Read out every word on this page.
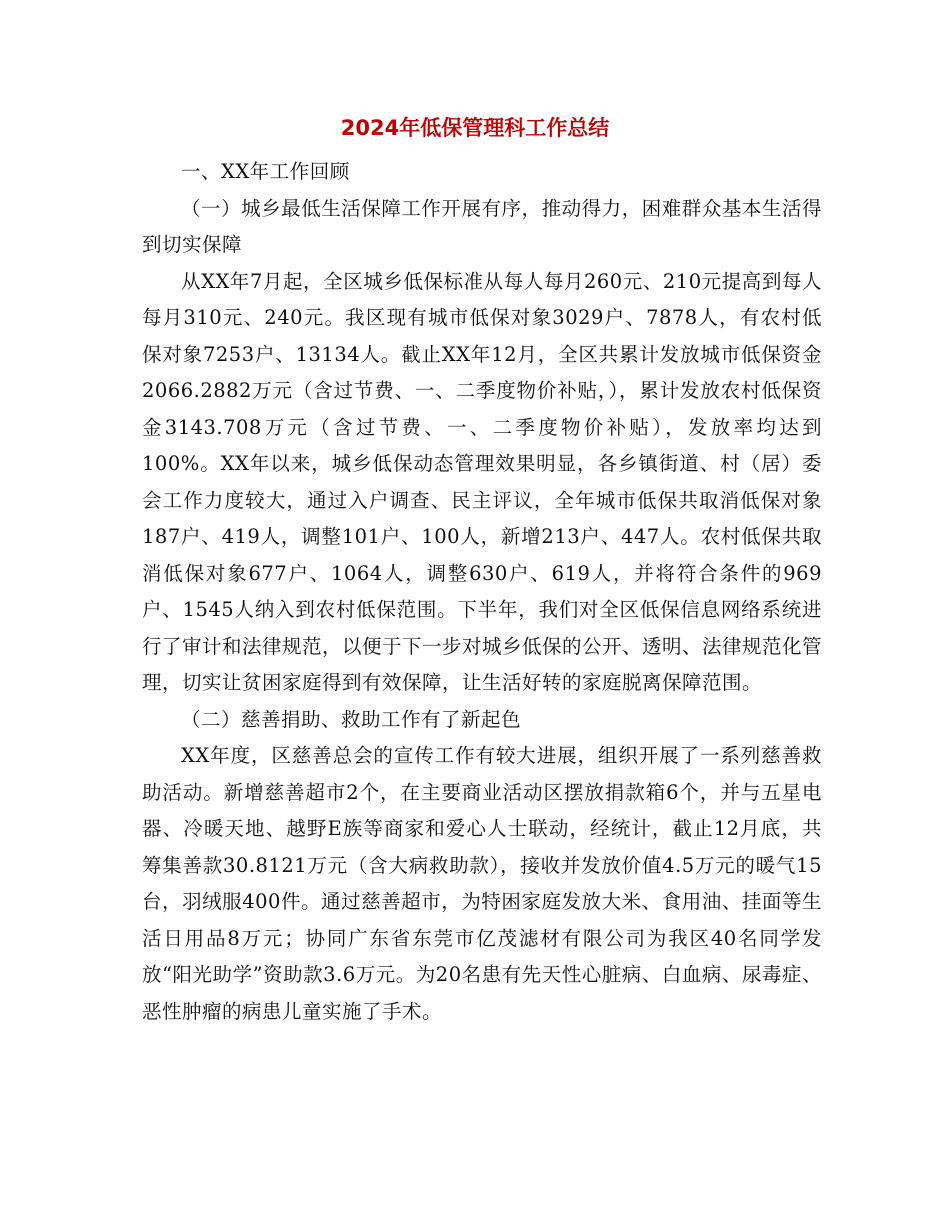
2024年低保管理科工作总结

一、XX年工作回顾

（一）城乡最低生活保障工作开展有序，推动得力，困难群众基本生活得到切实保障

从XX年7月起，全区城乡低保标准从每人每月260元、210元提高到每人每月310元、240元。我区现有城市低保对象3029户、7878人，有农村低保对象7253户、13134人。截止XX年12月，全区共累计发放城市低保资金2066.2882万元（含过节费、一、二季度物价补贴，），累计发放农村低保资金3143.708万元（含过节费、一、二季度物价补贴），发放率均达到100%。XX年以来，城乡低保动态管理效果明显，各乡镇街道、村（居）委会工作力度较大，通过入户调查、民主评议，全年城市低保共取消低保对象187户、419人，调整101户、100人，新增213户、447人。农村低保共取消低保对象677户、1064人，调整630户、619人，并将符合条件的969户、1545人纳入到农村低保范围。下半年，我们对全区低保信息网络系统进行了审计和法律规范，以便于下一步对城乡低保的公开、透明、法律规范化管理，切实让贫困家庭得到有效保障，让生活好转的家庭脱离保障范围。

（二）慈善捐助、救助工作有了新起色

XX年度，区慈善总会的宣传工作有较大进展，组织开展了一系列慈善救助活动。新增慈善超市2个，在主要商业活动区摆放捐款箱6个，并与五星电器、冷暖天地、越野E族等商家和爱心人士联动，经统计，截止12月底，共筹集善款30.8121万元（含大病救助款），接收并发放价值4.5万元的暖气15台，羽绒服400件。通过慈善超市，为特困家庭发放大米、食用油、挂面等生活日用品8万元；协同广东省东莞市亿茂滤材有限公司为我区40名同学发放“阳光助学”资助款3.6万元。为20名患有先天性心脏病、白血病、尿毒症、恶性肿瘤的病患儿童实施了手术。
